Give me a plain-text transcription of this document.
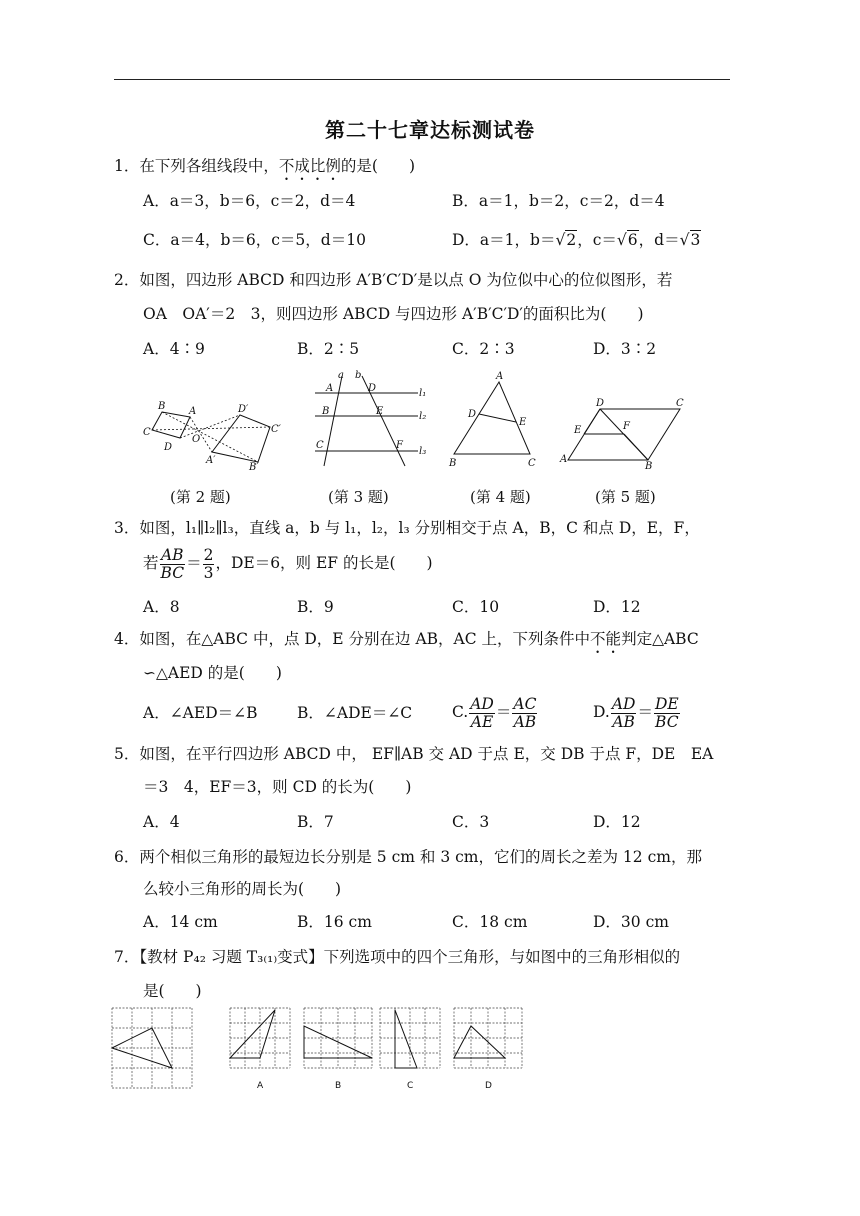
第二十七章达标测试卷
1．在下列各组线段中，不成比例的是(　　)
A．a＝3，b＝6，c＝2，d＝4	B．a＝1，b＝2，c＝2，d＝4
C．a＝4，b＝6，c＝5，d＝10	D．a＝1，b＝√2，c＝√6，d＝√3
2．如图，四边形 ABCD 和四边形 A′B′C′D′是以点 O 为位似中心的位似图形，若
OA　OA′＝2　3，则四边形 ABCD 与四边形 A′B′C′D′的面积比为(　　)
A．4∶9	B．2∶5	C．2∶3	D．3∶2
B A
C
D
O
D′
C′
A′
B′
a b
A	D	l₁
B	E	l₂
C	F
l₃
A
D
E
B	C
D	C
E	F
A
B
(第 2 题)	(第 3 题)	(第 4 题)	(第 5 题)
3．如图，l₁∥l₂∥l₃，直线 a，b 与 l₁，l₂，l₃ 分别相交于点 A，B，C 和点 D，E，F，
若 $\frac{AB}{BC} = \frac{2}{3}$ ，DE＝6，则 EF 的长是(　　)
A．8	B．9	C．10	D．12
4．如图，在△ABC 中，点 D，E 分别在边 AB，AC 上，下列条件中不能判定△ABC
∽△AED 的是(　　)
A．∠AED＝∠B	B．∠ADE＝∠C	C. $\frac{AD}{AE} = \frac{AC}{AB}$	D. $\frac{AD}{AB} = \frac{DE}{BC}$
5．如图，在平行四边形 ABCD 中， EF∥AB 交 AD 于点 E，交 DB 于点 F，DE　EA
＝3　4，EF＝3，则 CD 的长为(　　)
A．4	B．7	C．3	D．12
6．两个相似三角形的最短边长分别是 5 cm 和 3 cm，它们的周长之差为 12 cm，那
么较小三角形的周长为(　　)
A．14 cm	B．16 cm	C．18 cm	D．30 cm
7．【教材 P₄₂ 习题 T₃₍₁₎变式】下列选项中的四个三角形，与如图中的三角形相似的
是(　　)
A	B	C	D
